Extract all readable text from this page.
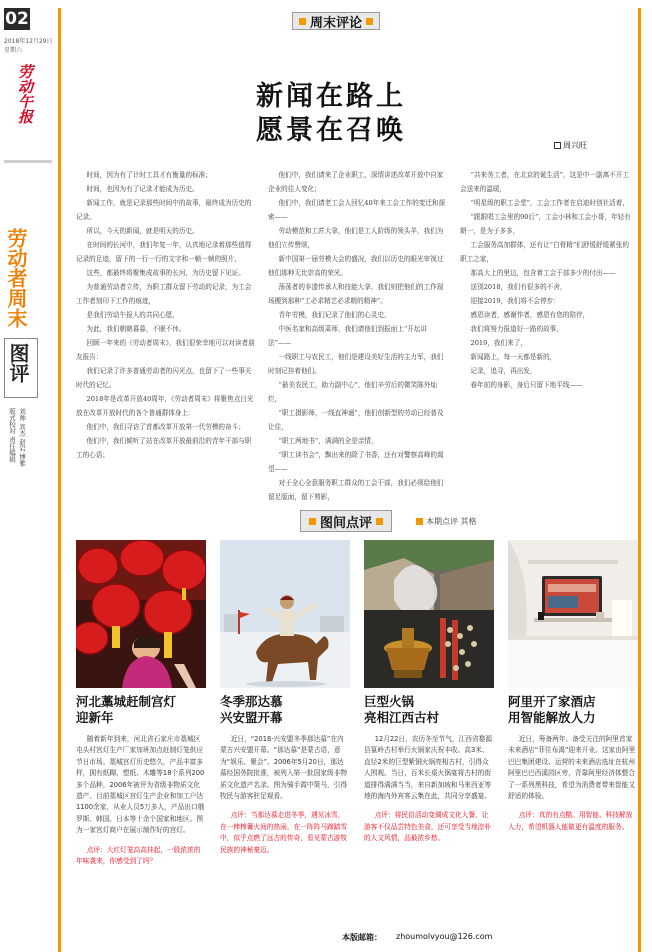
02
2018年12月29日
星期六
劳动午报
劳动者周末
图评
版式校对 责任编辑 刘帅 宾杰 赵岩 博雅
周末评论
新闻在路上
愿景在召唤	周兴旺

时间，因为有了计时工具才有衡量的标准；

时间，也因为有了记录才能成为历史。

新闻工作，就是记录那些时间中的故事，最终成为历史的记录。

所以，今天的新闻，就是明天的历史。

在时间的长河中，我们年复一年，认真地记录着那些值得记录的足迹，留下的一行一行的文字和一帧一帧的照片，

这些，都最终将聚集成故事的长河，为历史留下见证。

为普通劳动者立传，为职工群众留下劳动的记录，为工会工作者刻印下工作的痕迹，

是我们劳动午报人的共同心愿，

为此，我们朝朝暮暮，不眠不休。

回顾一年来的《劳动者周末》，我们很荣幸地可以对读者朋友报告：

我们记录了许多普通劳动者的闪光点，也留下了一些事关时代的记忆。

2018年是改革开放40周年，《劳动者周末》将聚焦点目光放在改革开放时代的各个普通群体身上：

他们中，我们寻访了首都改革开放第一代劳模的奋斗；

他们中，我们倾听了站在改革开放最前沿的青年干部与职工的心语；

他们中，我们请来了企业职工，深情讲述改革开放中自家企业的往人变化；

他们中，我们请老工会人回忆40年来工会工作的变迁和探索——

劳动模范和工匠大拿，他们是工人阶级的领头羊，我们为他们立传赞颂，

新中国第一届劳模大会的盛况，我们以历史的眼光审视过他们那种无比崇高的荣光。

荡荡者的非遗传承人和技能大拿，我们则把他们的工作现场搬到那种“工必求精艺必求精的精神”。

青年劳模，我们记录了他们的心灵史，

中医名家和高级菜师，我们请他们到报面上“开坛讲法”——

一线职工与农民工，他们是建设美好生活的主力军，我们时刻记挂着他们。

“最美农民工，助力副中心”，他们辛劳后的微笑陈外灿烂，

“职工摄影师，一线直神通”，他们创新型的劳动已经普及让往，

“职工两地书”，满满的全是亲情，

“职工读书会”，飘出来的除了书香，还有对警察高峰的渴望——

对于全心全意服务职工群众的工会干部，我们必须给他们留足版面，留下剪影，

“共来务工者，在北京的诞生活”，这是中一副离不开工会送来的温暖，

“明星级的职工会堂”，工会工作者在启迪时创社活着，

“跟跟唱工会里的90后”，工会小林和工会小哥，年轻有朝一，是为子多多，

工会服务高加群体，还有让“白骨精”们舒缓舒缓紧张的职工之家，

那高大上的里边，包含着工会干部多少的付出——

送别2018，我们有很多的不舍，

迎接2019，我们将不会停步：

感恩读者，感谢作者，感恩有您的陪伴，

我们将努力报道好一路的故事，

2019，我们来了，

新闻路上，每一天都是新的，

记录，追寻，再出发，

春年前的身影，身后只留下地平线——

图间点评	本期点评 其格
河北藁城赶制宫灯
迎新年

随着新年到来，河北省石家庄市藁城区屯头村宫灯生产厂家加班加点赶制灯笼供应节日市场。藁城宫灯历史悠久，产品丰富多样，拥有纸糊、塑纸、木雕等18个系列200多个品种，2006年被评为省级非物质文化遗产。目前藁城区宫灯生产企业和加工户达1100余家，从业人员5万多人，产品出口俄罗斯、韩国、日本等十余个国家和地区。图为一家宫灯商户在展示制作好的宫灯。

点评：大红灯笼高高挂起，一股浓浓的年味袭来，你感受到了吗？

冬季那达慕
兴安盟开幕

近日，“2018·兴安盟冬季那达慕”在内蒙古兴安盟开幕。“那达慕”是蒙古语，意为“娱乐、聚会”。2006年5月20日，那达慕经国务院批准，被列入第一批国家级非物质文化遗产名录。图为骑手霞中策马，引得牧民与游客驻足观看。

点评：当那达慕走进冬季，遇见冰雪，在一棒棒篝火间的热闹，在一阵阵马蹄踏雪中，似乎点燃了远古的传奇，看见蒙古游牧民族的神秘豪迈。

巨型火锅
亮相江西古村

12月22日，农历冬至节气，江西省婺源县篁岭古村举行火锅家庆祝丰收。高3米、直径2米的巨型紫铜火锅亮相古村，引得众人围观。当日，百米长桌火锅宴将古村的街道排得满满当当，来自新加坡和马来西亚等地的海内外宾客云集在此，共同分享盛宴。

点评：将民俗活动变调成文化大餐，让游客不仅品尝特色美食，还可享受当地淳朴的人文风情，品最浓乡愁。

阿里开了家酒店
用智能解放人力

近日，筹备两年、备受关注的阿里首家未来酒店“菲住布渴”迎来开业。这家由阿里巴巴集团建设、运营的未来酒店选址在杭州阿里巴巴西溪园区旁，背靠阿里经济体整合了一系列黑科技，希望为消费者带来智能又舒适的体验。

点评：真的有点酷。用智能、科技解放人力，希望机器人能做更有温度的服务。

本版邮箱： zhoumolvyou@126.com
